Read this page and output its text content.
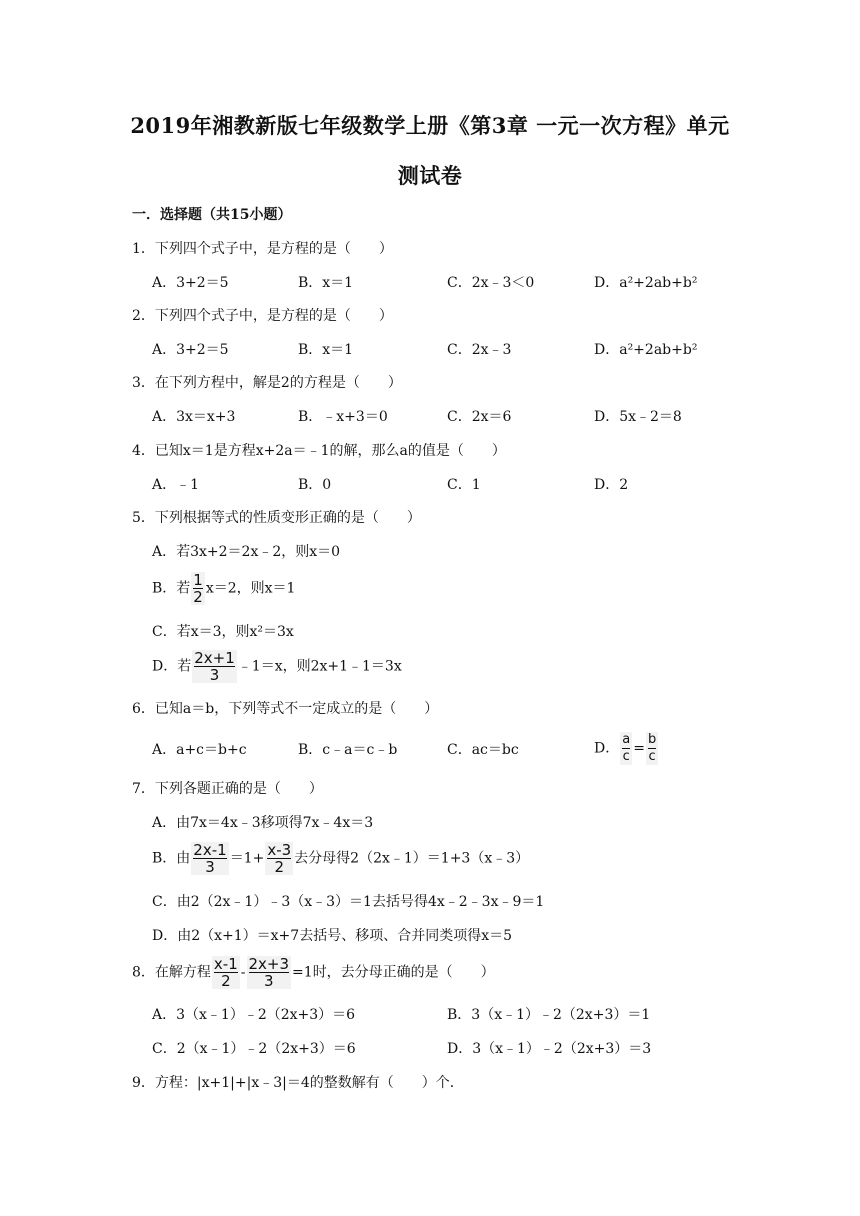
2019年湘教新版七年级数学上册《第3章 一元一次方程》单元
测试卷
一．选择题（共15小题）
1．下列四个式子中，是方程的是（　　）
A．3+2＝5	B．x＝1	C．2x﹣3＜0	D．a²+2ab+b²
2．下列四个式子中，是方程的是（　　）
A．3+2＝5	B．x＝1	C．2x﹣3	D．a²+2ab+b²
3．在下列方程中，解是2的方程是（　　）
A．3x＝x+3	B．﹣x+3＝0	C．2x＝6	D．5x﹣2＝8
4．已知x＝1是方程x+2a＝﹣1的解，那么a的值是（　　）
A．﹣1	B．0	C．1	D．2
5．下列根据等式的性质变形正确的是（　　）
A．若3x+2＝2x﹣2，则x＝0
B．若 $\frac{1}{2} x=2$，则x＝1
C．若x＝3，则x²＝3x
D．若 $\frac{2x+1}{3}$ ﹣1＝x，则2x+1﹣1＝3x
6．已知a＝b，下列等式不一定成立的是（　　）
A．a+c＝b+c	B．c﹣a＝c﹣b	C．ac＝bc	D． $\frac{a}{c} = \frac{b}{c}$
7．下列各题正确的是（　　）
A．由7x＝4x﹣3移项得7x﹣4x＝3
B．由 $\frac{2x-1}{3} =1+ \frac{x-3}{2}$ 去分母得2（2x﹣1）＝1+3（x﹣3）
C．由2（2x﹣1）﹣3（x﹣3）＝1去括号得4x﹣2﹣3x﹣9＝1
D．由2（x+1）＝x+7去括号、移项、合并同类项得x＝5
8．在解方程 $\frac{x-1}{2} - \frac{2x+3}{3} =1$时，去分母正确的是（　　）
A．3（x﹣1）﹣2（2x+3）＝6	B．3（x﹣1）﹣2（2x+3）＝1
C．2（x﹣1）﹣2（2x+3）＝6	D．3（x﹣1）﹣2（2x+3）＝3
9．方程：|x+1|+|x﹣3|＝4的整数解有（　　）个．
